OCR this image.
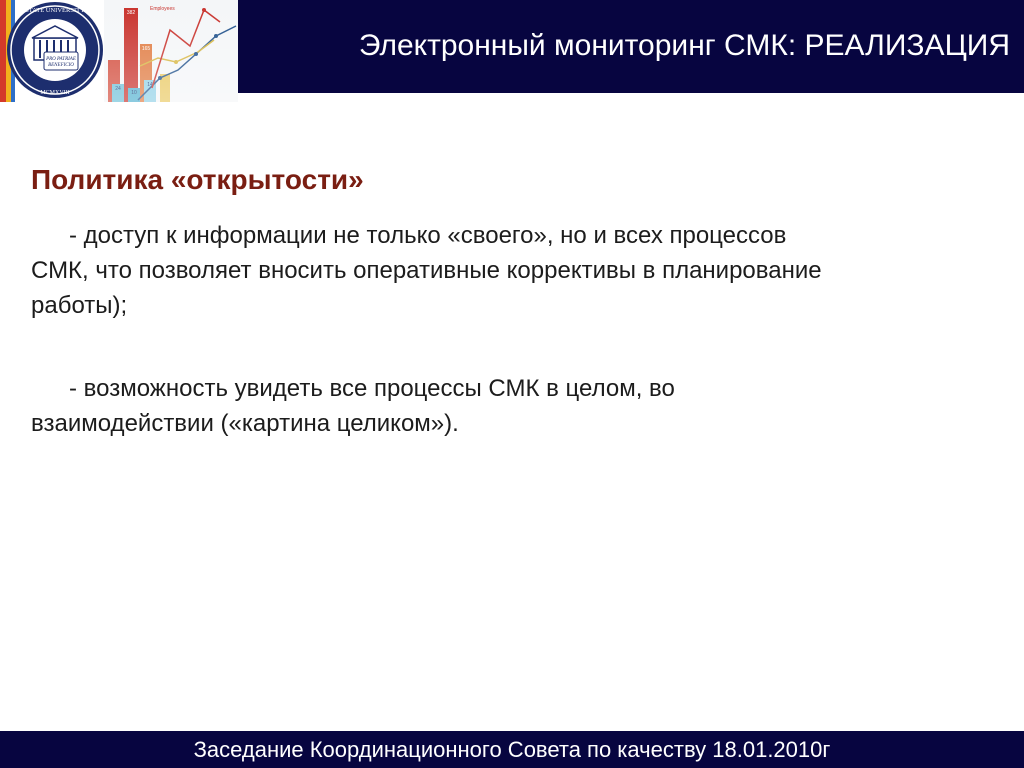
PRO PATRIAE
BENEFICIO
STATE UNIVERSITY
MCMXVIII
Электронный мониторинг СМК: РЕАЛИЗАЦИЯ
Политика «открытости»
- доступ к информации не только «своего», но и всех процессов
СМК, что позволяет вносить оперативные коррективы в планирование
работы);
- возможность увидеть все процессы СМК в целом, во
взаимодействии («картина целиком»).
Заседание Координационного Совета по качеству 18.01.2010г
